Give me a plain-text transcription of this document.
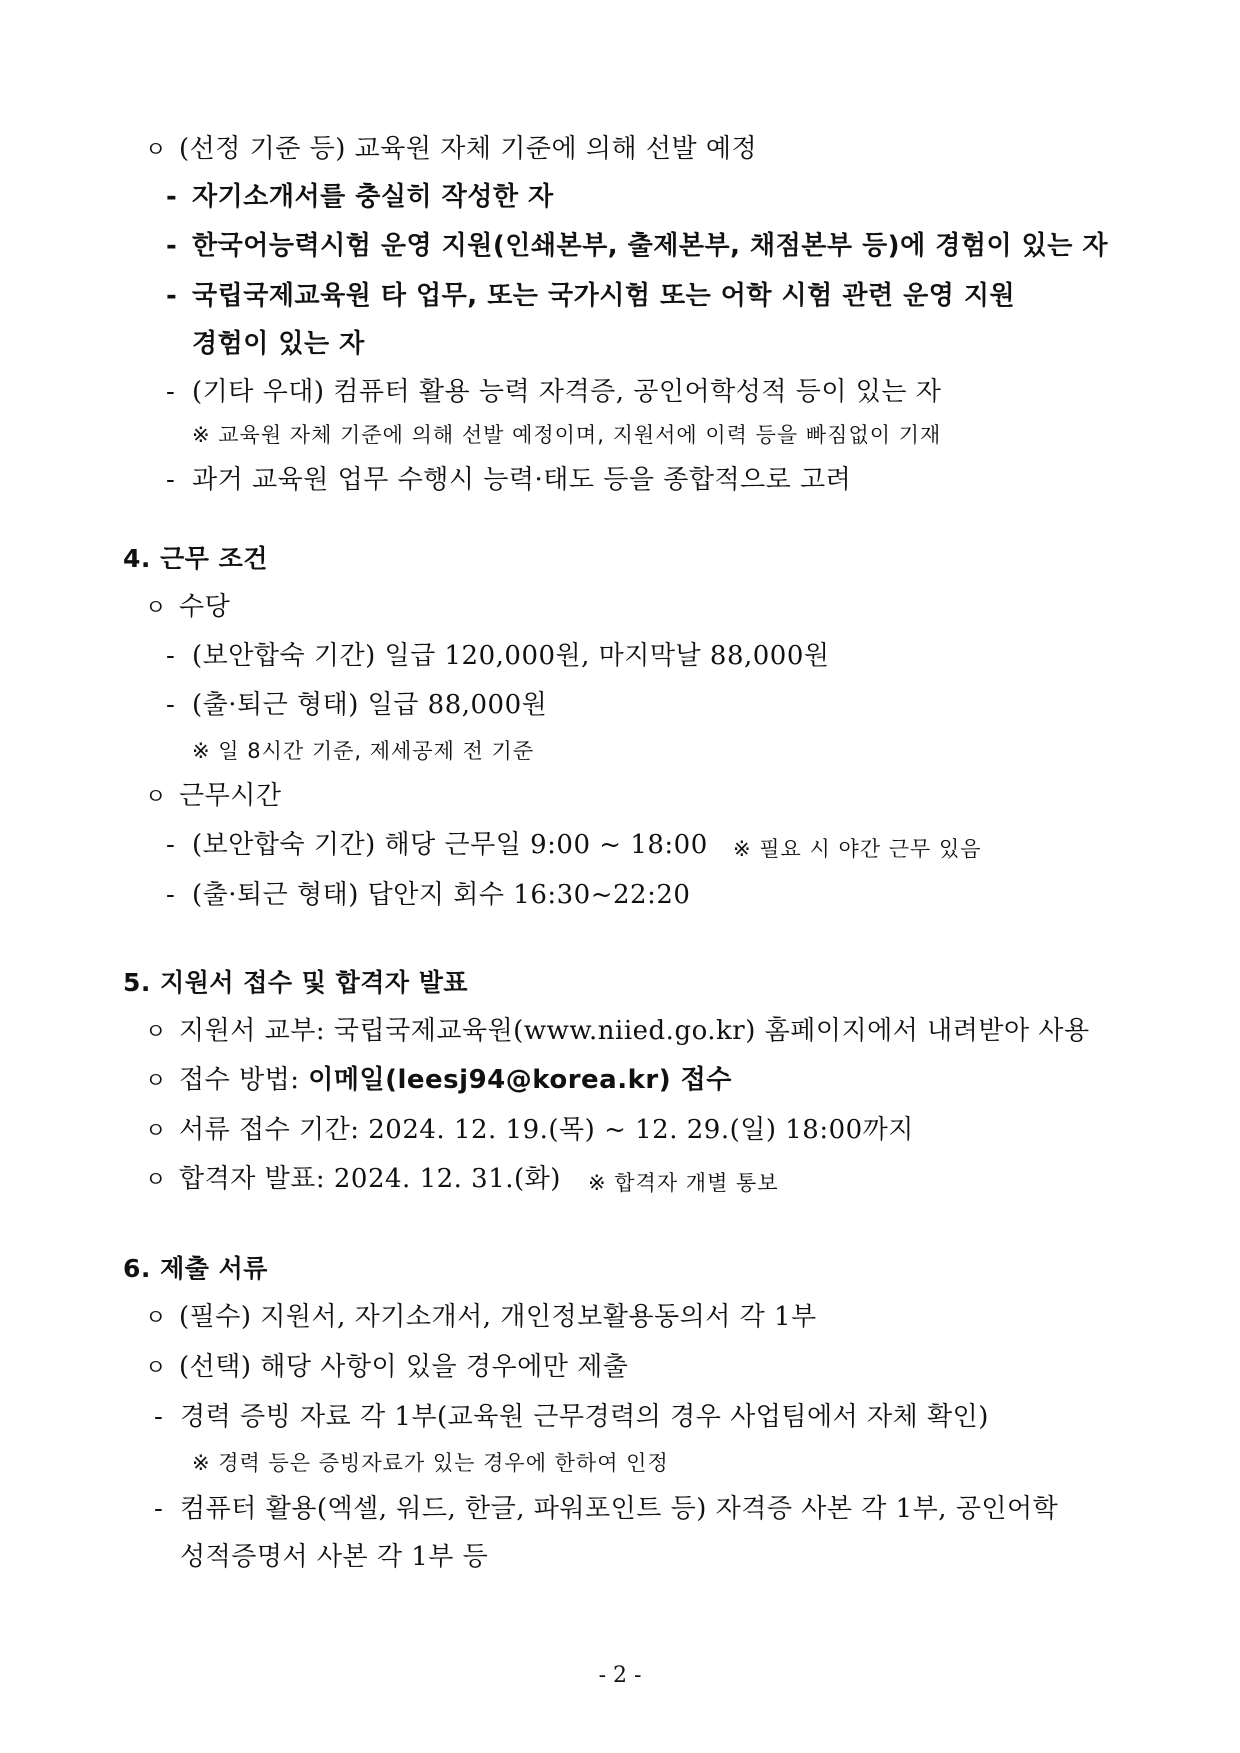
ㅇ (선정 기준 등) 교육원 자체 기준에 의해 선발 예정
- 자기소개서를 충실히 작성한 자
- 한국어능력시험 운영 지원(인쇄본부, 출제본부, 채점본부 등)에 경험이 있는 자
- 국립국제교육원 타 업무, 또는 국가시험 또는 어학 시험 관련 운영 지원
경험이 있는 자
- (기타 우대) 컴퓨터 활용 능력 자격증, 공인어학성적 등이 있는 자
※ 교육원 자체 기준에 의해 선발 예정이며, 지원서에 이력 등을 빠짐없이 기재
- 과거 교육원 업무 수행시 능력·태도 등을 종합적으로 고려
4. 근무 조건
ㅇ 수당
- (보안합숙 기간) 일급 120,000원, 마지막날 88,000원
- (출·퇴근 형태) 일급 88,000원
※ 일 8시간 기준, 제세공제 전 기준
ㅇ 근무시간
- (보안합숙 기간) 해당 근무일 9:00 ~ 18:00 ※ 필요 시 야간 근무 있음
- (출·퇴근 형태) 답안지 회수 16:30~22:20
5. 지원서 접수 및 합격자 발표
ㅇ 지원서 교부: 국립국제교육원(www.niied.go.kr) 홈페이지에서 내려받아 사용
ㅇ 접수 방법: 이메일(leesj94@korea.kr) 접수
ㅇ 서류 접수 기간: 2024. 12. 19.(목) ~ 12. 29.(일) 18:00까지
ㅇ 합격자 발표: 2024. 12. 31.(화) ※ 합격자 개별 통보
6. 제출 서류
ㅇ (필수) 지원서, 자기소개서, 개인정보활용동의서 각 1부
ㅇ (선택) 해당 사항이 있을 경우에만 제출
- 경력 증빙 자료 각 1부(교육원 근무경력의 경우 사업팀에서 자체 확인)
※ 경력 등은 증빙자료가 있는 경우에 한하여 인정
- 컴퓨터 활용(엑셀, 워드, 한글, 파워포인트 등) 자격증 사본 각 1부, 공인어학
성적증명서 사본 각 1부 등
- 2 -
